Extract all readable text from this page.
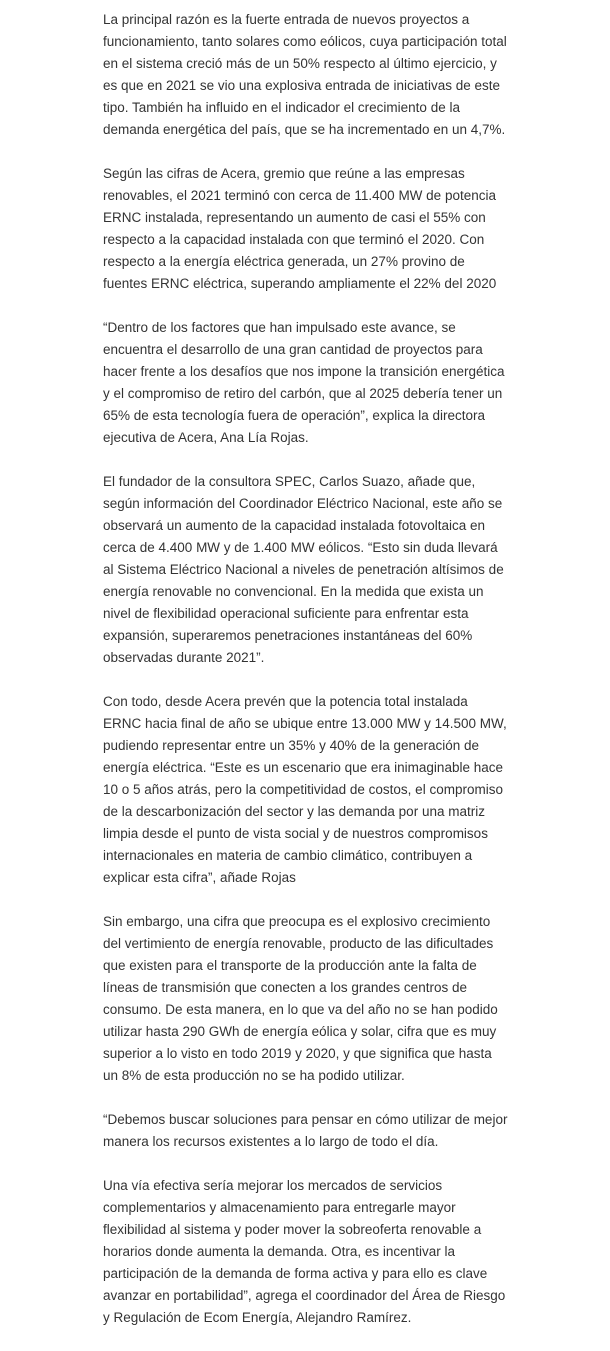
La principal razón es la fuerte entrada de nuevos proyectos a funcionamiento, tanto solares como eólicos, cuya participación total en el sistema creció más de un 50% respecto al último ejercicio, y es que en 2021 se vio una explosiva entrada de iniciativas de este tipo. También ha influido en el indicador el crecimiento de la demanda energética del país, que se ha incrementado en un 4,7%.

Según las cifras de Acera, gremio que reúne a las empresas renovables, el 2021 terminó con cerca de 11.400 MW de potencia ERNC instalada, representando un aumento de casi el 55% con respecto a la capacidad instalada con que terminó el 2020. Con respecto a la energía eléctrica generada, un 27% provino de fuentes ERNC eléctrica, superando ampliamente el 22% del 2020

“Dentro de los factores que han impulsado este avance, se encuentra el desarrollo de una gran cantidad de proyectos para hacer frente a los desafíos que nos impone la transición energética y el compromiso de retiro del carbón, que al 2025 debería tener un 65% de esta tecnología fuera de operación”, explica la directora ejecutiva de Acera, Ana Lía Rojas.

El fundador de la consultora SPEC, Carlos Suazo, añade que, según información del Coordinador Eléctrico Nacional, este año se observará un aumento de la capacidad instalada fotovoltaica en cerca de 4.400 MW y de 1.400 MW eólicos. “Esto sin duda llevará al Sistema Eléctrico Nacional a niveles de penetración altísimos de energía renovable no convencional. En la medida que exista un nivel de flexibilidad operacional suficiente para enfrentar esta expansión, superaremos penetraciones instantáneas del 60% observadas durante 2021”.

Con todo, desde Acera prevén que la potencia total instalada ERNC hacia final de año se ubique entre 13.000 MW y 14.500 MW, pudiendo representar entre un 35% y 40% de la generación de energía eléctrica. “Este es un escenario que era inimaginable hace 10 o 5 años atrás, pero la competitividad de costos, el compromiso de la descarbonización del sector y las demanda por una matriz limpia desde el punto de vista social y de nuestros compromisos internacionales en materia de cambio climático, contribuyen a explicar esta cifra”, añade Rojas

Sin embargo, una cifra que preocupa es el explosivo crecimiento del vertimiento de energía renovable, producto de las dificultades que existen para el transporte de la producción ante la falta de líneas de transmisión que conecten a los grandes centros de consumo. De esta manera, en lo que va del año no se han podido utilizar hasta 290 GWh de energía eólica y solar, cifra que es muy superior a lo visto en todo 2019 y 2020, y que significa que hasta un 8% de esta producción no se ha podido utilizar.

“Debemos buscar soluciones para pensar en cómo utilizar de mejor manera los recursos existentes a lo largo de todo el día.

Una vía efectiva sería mejorar los mercados de servicios complementarios y almacenamiento para entregarle mayor flexibilidad al sistema y poder mover la sobreoferta renovable a horarios donde aumenta la demanda. Otra, es incentivar la participación de la demanda de forma activa y para ello es clave avanzar en portabilidad”, agrega el coordinador del Área de Riesgo y Regulación de Ecom Energía, Alejandro Ramírez.
